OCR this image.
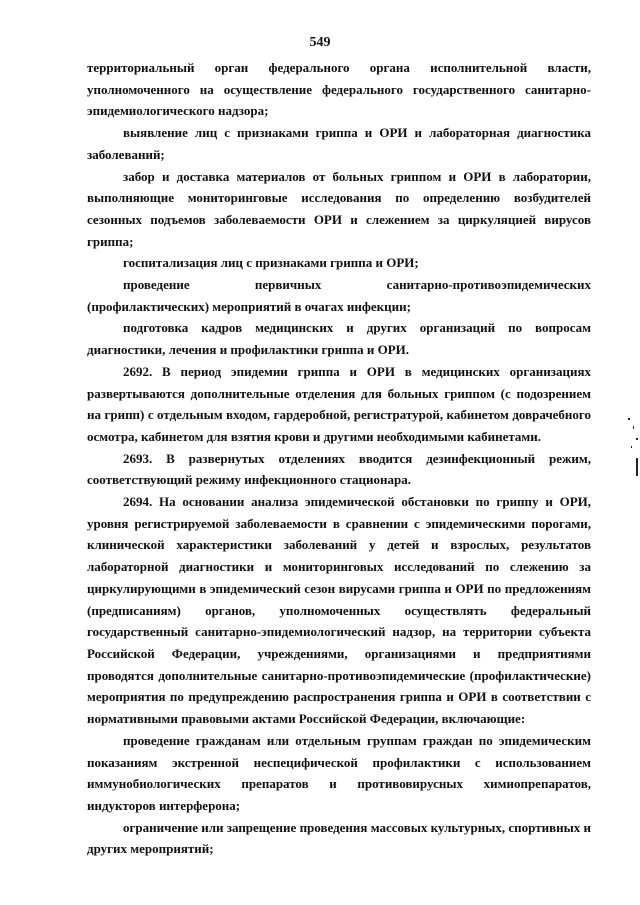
549

территориальный орган федерального органа исполнительной власти, уполномоченного на осуществление федерального государственного санитарно-эпидемиологического надзора;

выявление лиц с признаками гриппа и ОРИ и лабораторная диагностика заболеваний;

забор и доставка материалов от больных гриппом и ОРИ в лаборатории, выполняющие мониторинговые исследования по определению возбудителей сезонных подъемов заболеваемости ОРИ и слежением за циркуляцией вирусов гриппа;

госпитализация лиц с признаками гриппа и ОРИ;

проведение первичных санитарно-противоэпидемических (профилактических) мероприятий в очагах инфекции;

подготовка кадров медицинских и других организаций по вопросам диагностики, лечения и профилактики гриппа и ОРИ.

2692. В период эпидемии гриппа и ОРИ в медицинских организациях развертываются дополнительные отделения для больных гриппом (с подозрением на грипп) с отдельным входом, гардеробной, регистратурой, кабинетом доврачебного осмотра, кабинетом для взятия крови и другими необходимыми кабинетами.

2693. В развернутых отделениях вводится дезинфекционный режим, соответствующий режиму инфекционного стационара.

2694. На основании анализа эпидемической обстановки по гриппу и ОРИ, уровня регистрируемой заболеваемости в сравнении с эпидемическими порогами, клинической характеристики заболеваний у детей и взрослых, результатов лабораторной диагностики и мониторинговых исследований по слежению за циркулирующими в эпидемический сезон вирусами гриппа и ОРИ по предложениям (предписаниям) органов, уполномоченных осуществлять федеральный государственный санитарно-эпидемиологический надзор, на территории субъекта Российской Федерации, учреждениями, организациями и предприятиями проводятся дополнительные санитарно-противоэпидемические (профилактические) мероприятия по предупреждению распространения гриппа и ОРИ в соответствии с нормативными правовыми актами Российской Федерации, включающие:

проведение гражданам или отдельным группам граждан по эпидемическим показаниям экстренной неспецифической профилактики с использованием иммунобиологических препаратов и противовирусных химиопрепаратов, индукторов интерферона;

ограничение или запрещение проведения массовых культурных, спортивных и других мероприятий;
